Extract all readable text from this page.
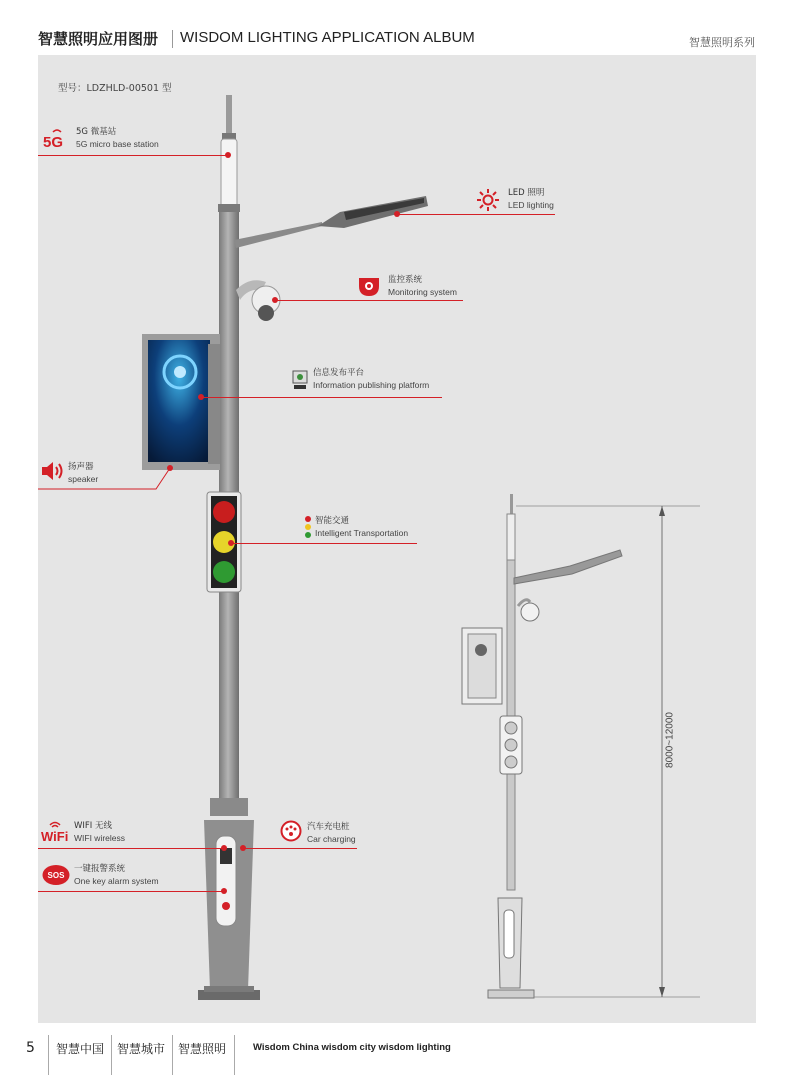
智慧照明应用图册 WISDOM LIGHTING APPLICATION ALBUM	智慧照明系列
型号：LDZHLD-00501 型
5G
5G 微基站
5G micro base station
LED 照明
LED lighting
监控系统
Monitoring system
信息发布平台
Information publishing platform
扬声器
speaker
智能交通
Intelligent Transportation
WiFi
WIFI 无线
WIFI wireless
汽车充电桩
Car charging
SOS
一键报警系统
One key alarm system
8000~12000
5 智慧中国 智慧城市 智慧照明	Wisdom China wisdom city wisdom lighting
